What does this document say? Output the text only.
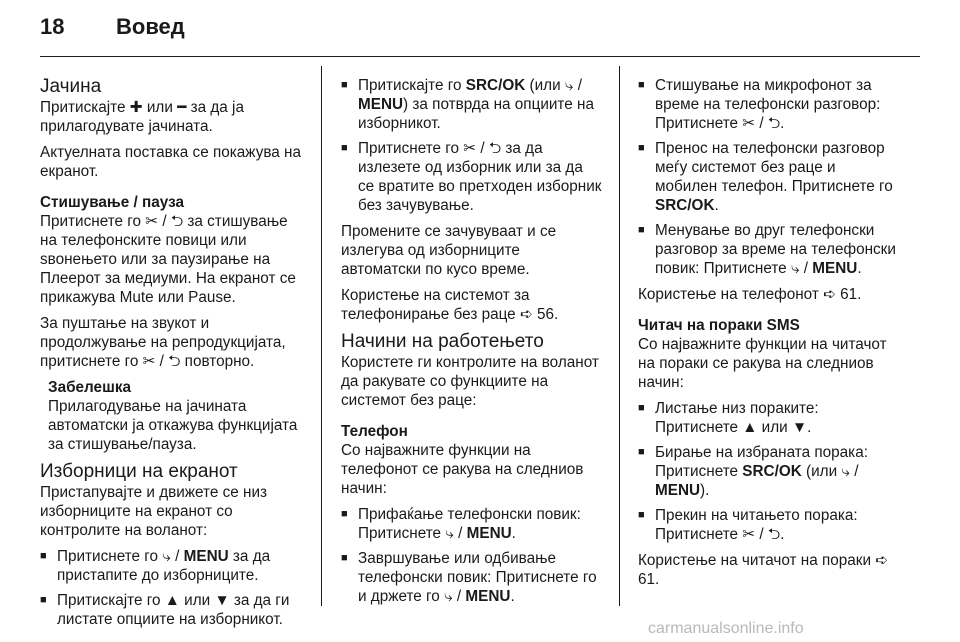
18 Вовед
Јачина

Притискајте ✚ или ━ за да ја прилагодувате јачината.

Актуелната поставка се покажува на екранот.

Стишување / пауза

Притиснете го ✂ / ⮌ за стишување на телефонските повици или ѕвонењето или за паузирање на Плеерот за медиуми. На екранот се прикажува Mute или Pause.

За пуштање на звукот и продолжување на репродукцијата, притиснете го ✂ / ⮌ повторно.

Забелешка

Прилагодување на јачината автоматски ја откажува функцијата за стишување/пауза.

Изборници на екранот

Пристапувајте и движете се низ изборниците на екранот со контролите на воланот:

■ Притиснете го ⤷ / MENU за да пристапите до изборниците.
■ Притискајте го ▲ или ▼ за да ги листате опциите на изборникот.
■ Притискајте го SRC/OK (или ⤷ / MENU) за потврда на опциите на изборникот.
■ Притиснете го ✂ / ⮌ за да излезете од изборник или за да се вратите во претходен изборник без зачувување.

Промените се зачувуваат и се излегува од изборниците автоматски по кусо време.

Користење на системот за телефонирање без раце ➪ 56.

Начини на работењето

Користете ги контролите на воланот да ракувате со функциите на системот без раце:

Телефон

Со најважните функции на телефонот се ракува на следниов начин:

■ Прифаќање телефонски повик: Притиснете ⤷ / MENU.
■ Завршување или одбивање телефонски повик: Притиснете го и држете го ⤷ / MENU.
■ Стишување на микрофонот за време на телефонски разговор: Притиснете ✂ / ⮌.
■ Пренос на телефонски разговор меѓу системот без раце и мобилен телефон. Притиснете го SRC/OK.
■ Менување во друг телефонски разговор за време на телефонски повик: Притиснете ⤷ / MENU.

Користење на телефонот ➪ 61.

Читач на пораки SMS

Со најважните функции на читачот на пораки се ракува на следниов начин:

■ Листање низ пораките: Притиснете ▲ или ▼.
■ Бирање на избраната порака: Притиснете SRC/OK (или ⤷ / MENU).
■ Прекин на читањето порака: Притиснете ✂ / ⮌.

Користење на читачот на пораки ➪ 61.

carmanualsonline.info
